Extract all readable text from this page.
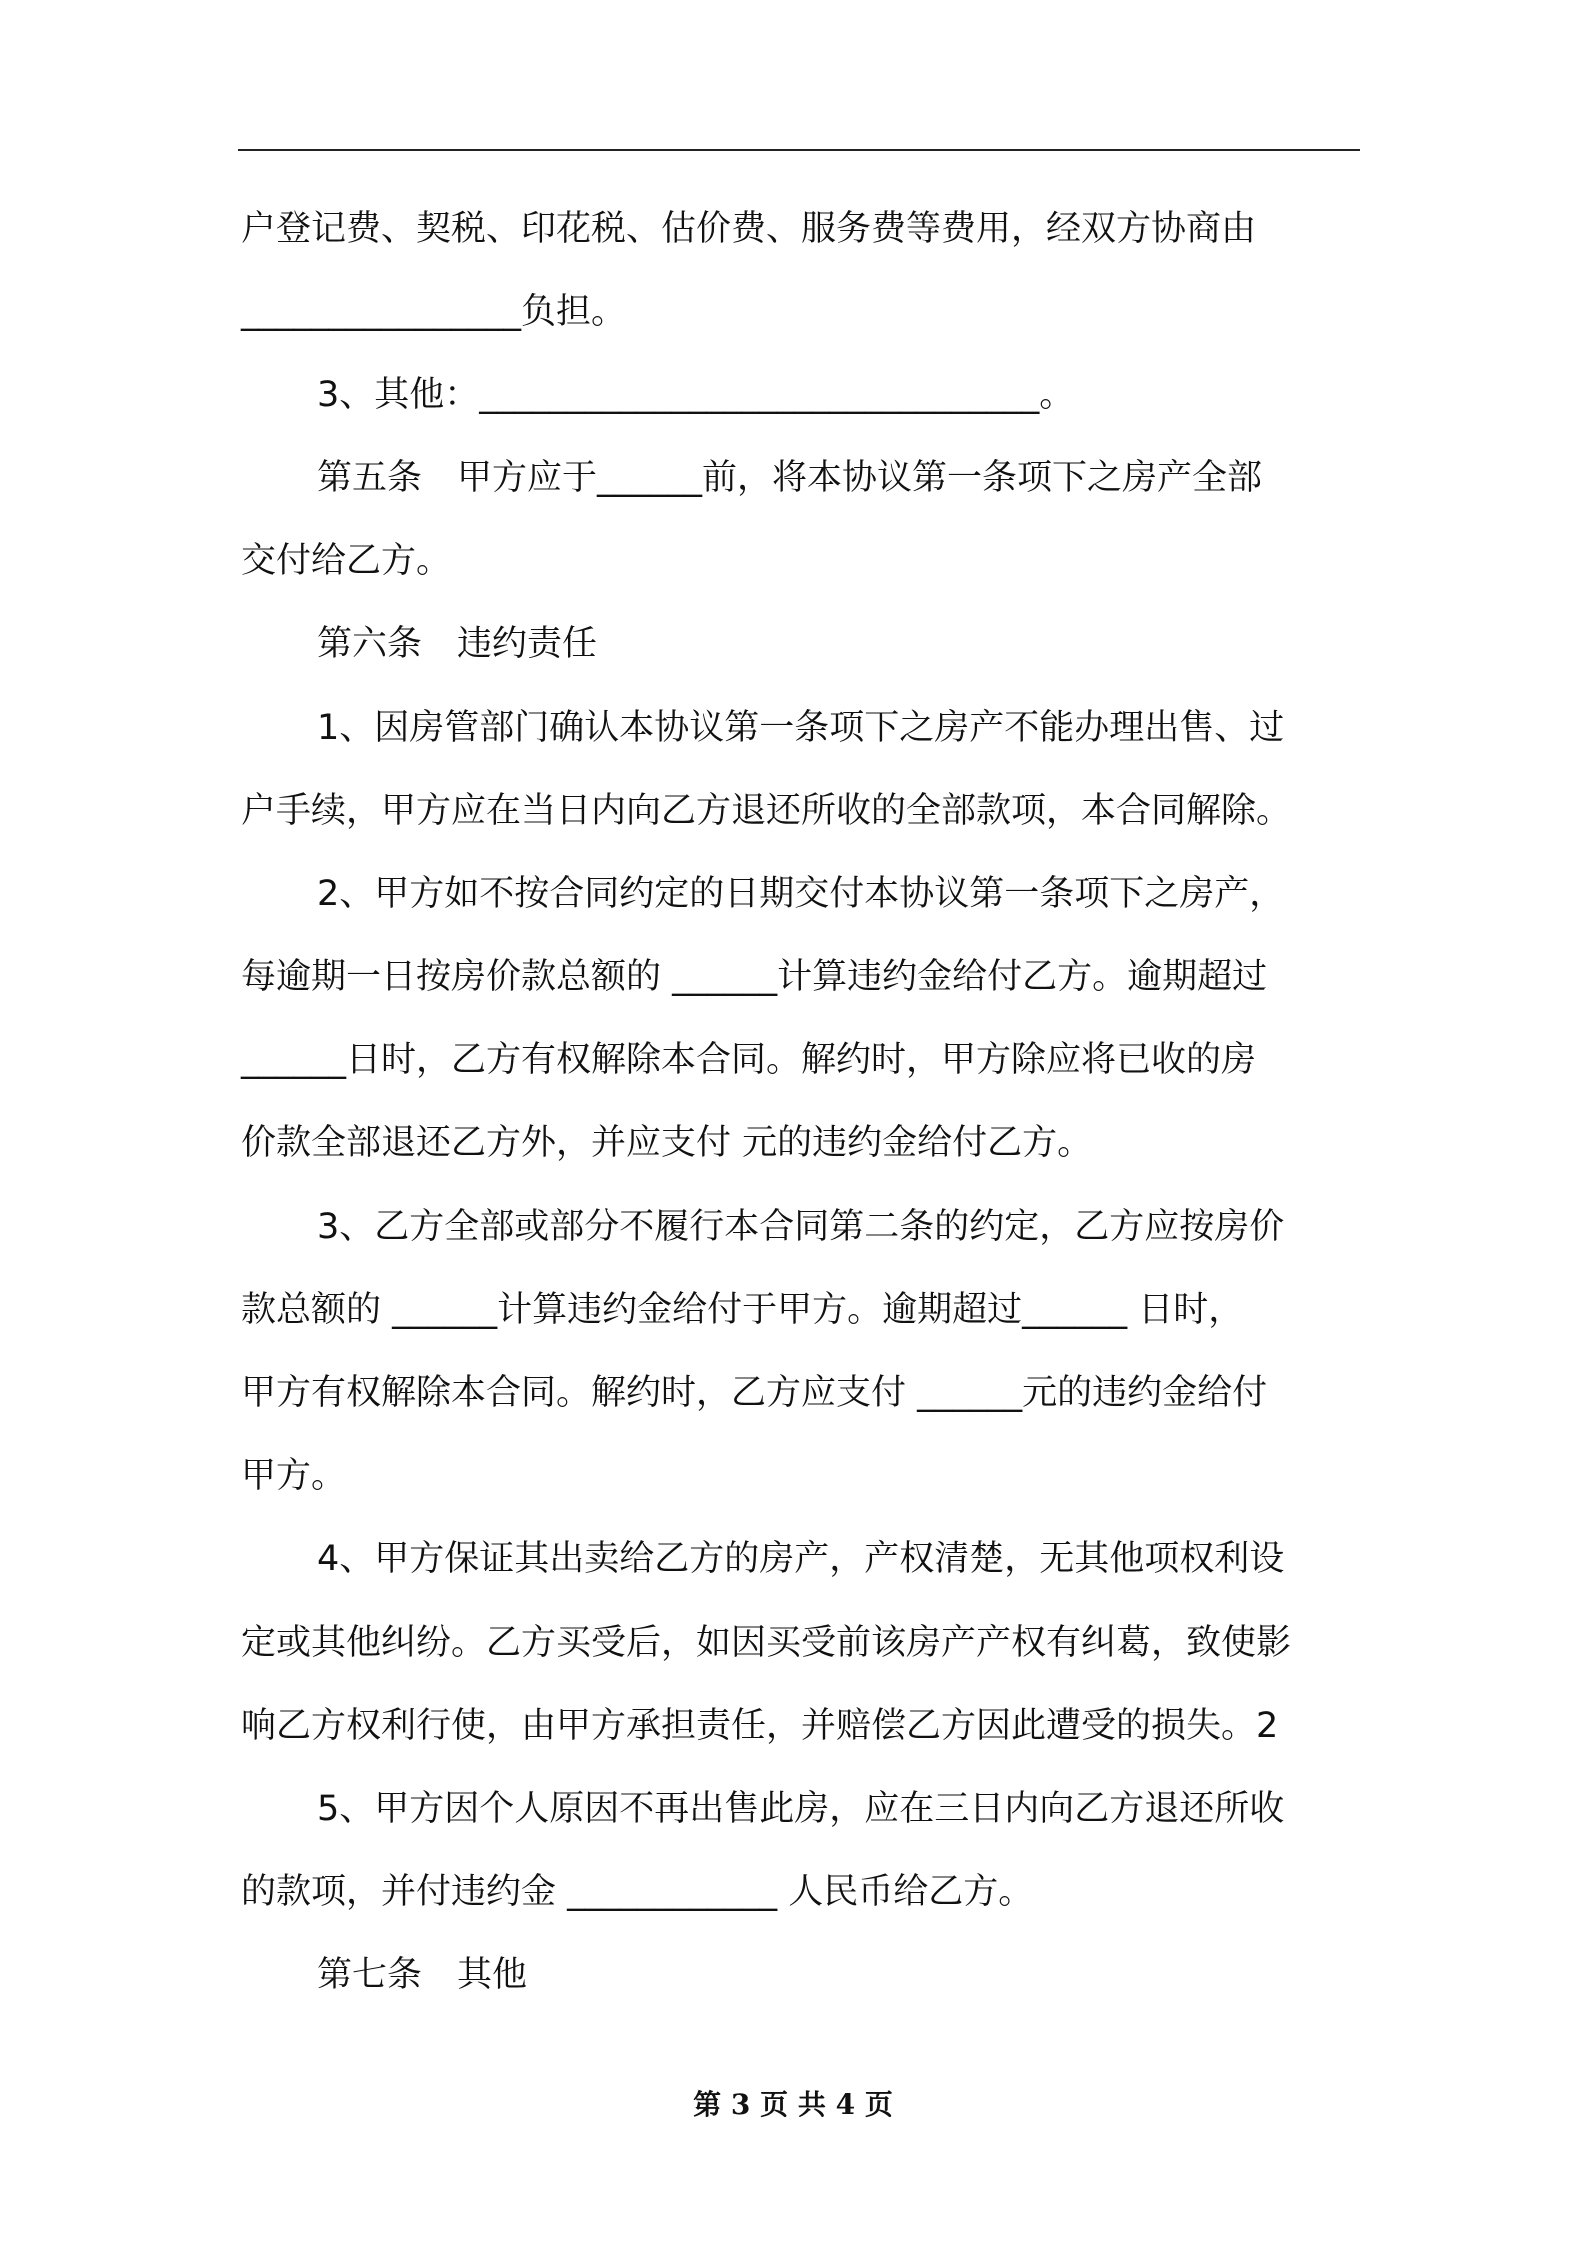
户登记费、契税、印花税、估价费、服务费等费用，经双方协商由
________________负担。
3、其他：________________________________。
第五条　甲方应于______前，将本协议第一条项下之房产全部
交付给乙方。
第六条　违约责任
1、因房管部门确认本协议第一条项下之房产不能办理出售、过
户手续，甲方应在当日内向乙方退还所收的全部款项，本合同解除。
2、甲方如不按合同约定的日期交付本协议第一条项下之房产，
每逾期一日按房价款总额的 ______计算违约金给付乙方。逾期超过
______日时，乙方有权解除本合同。解约时，甲方除应将已收的房
价款全部退还乙方外，并应支付 元的违约金给付乙方。
3、乙方全部或部分不履行本合同第二条的约定，乙方应按房价
款总额的 ______计算违约金给付于甲方。逾期超过______ 日时，
甲方有权解除本合同。解约时，乙方应支付 ______元的违约金给付
甲方。
4、甲方保证其出卖给乙方的房产，产权清楚，无其他项权利设
定或其他纠纷。乙方买受后，如因买受前该房产产权有纠葛，致使影
响乙方权利行使，由甲方承担责任，并赔偿乙方因此遭受的损失。2
5、甲方因个人原因不再出售此房，应在三日内向乙方退还所收
的款项，并付违约金 ____________ 人民币给乙方。
第七条　其他
第 3 页 共 4 页
